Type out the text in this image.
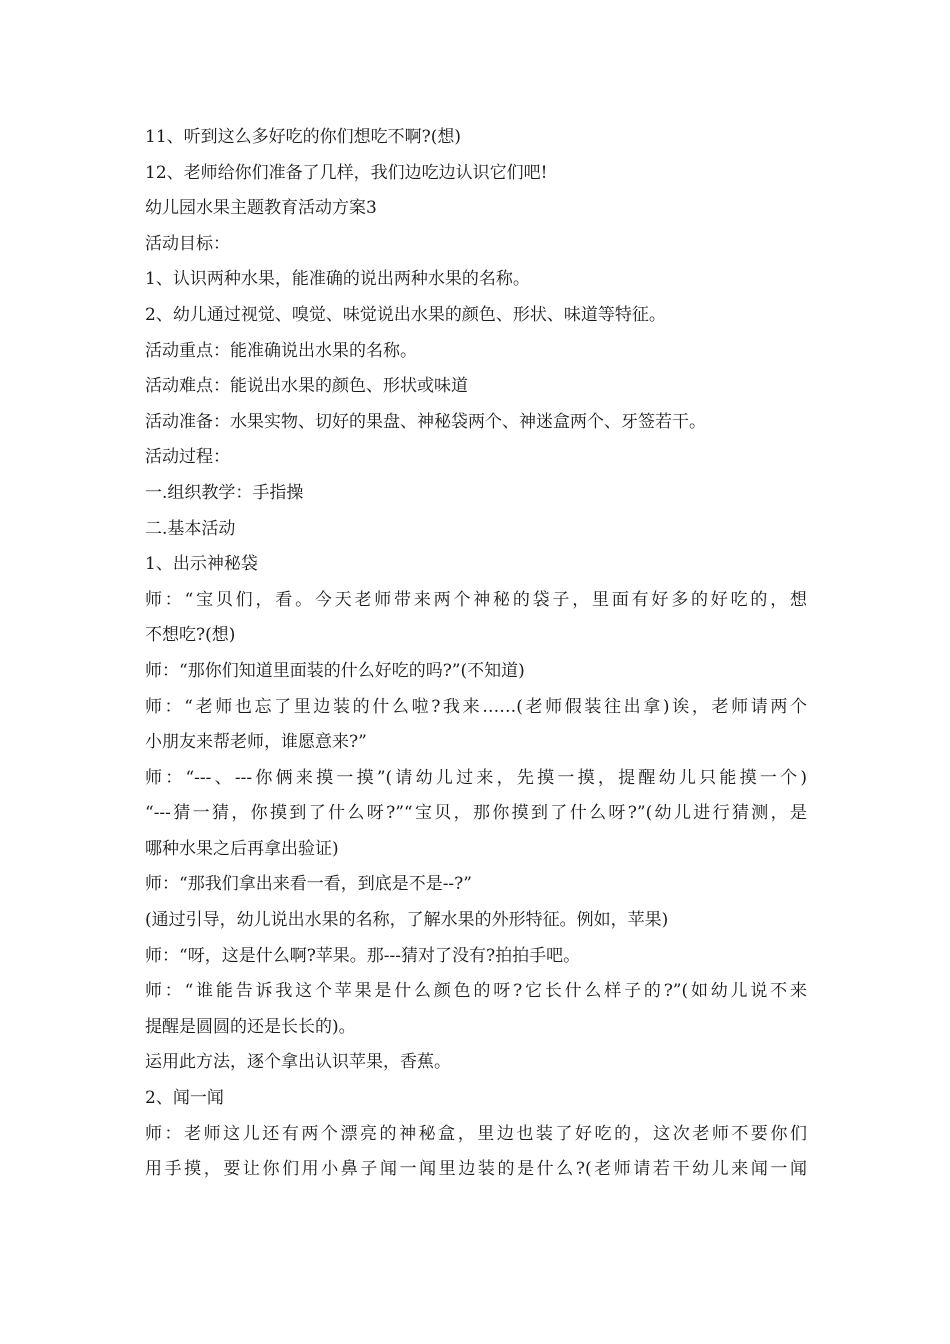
11、听到这么多好吃的你们想吃不啊?(想)

12、老师给你们准备了几样，我们边吃边认识它们吧!

幼儿园水果主题教育活动方案3

活动目标：

1、认识两种水果，能准确的说出两种水果的名称。

2、幼儿通过视觉、嗅觉、味觉说出水果的颜色、形状、味道等特征。

活动重点：能准确说出水果的名称。

活动难点：能说出水果的颜色、形状或味道

活动准备：水果实物、切好的果盘、神秘袋两个、神迷盒两个、牙签若干。

活动过程：

一.组织教学：手指操

二.基本活动

1、出示神秘袋

师：“宝贝们，看。今天老师带来两个神秘的袋子，里面有好多的好吃的，想

不想吃?(想)

师：“那你们知道里面装的什么好吃的吗?”(不知道)

师：“老师也忘了里边装的什么啦?我来……(老师假装往出拿)诶，老师请两个

小朋友来帮老师，谁愿意来?”

师：“---、---你俩来摸一摸”(请幼儿过来，先摸一摸，提醒幼儿只能摸一个)

“---猜一猜，你摸到了什么呀?”“宝贝，那你摸到了什么呀?”(幼儿进行猜测，是

哪种水果之后再拿出验证)

师：“那我们拿出来看一看，到底是不是--?”

(通过引导，幼儿说出水果的名称，了解水果的外形特征。例如，苹果)

师：“呀，这是什么啊?苹果。那---猜对了没有?拍拍手吧。

师：“谁能告诉我这个苹果是什么颜色的呀?它长什么样子的?”(如幼儿说不来

提醒是圆圆的还是长长的)。

运用此方法，逐个拿出认识苹果，香蕉。

2、闻一闻

师：老师这儿还有两个漂亮的神秘盒，里边也装了好吃的，这次老师不要你们

用手摸，要让你们用小鼻子闻一闻里边装的是什么?(老师请若干幼儿来闻一闻
